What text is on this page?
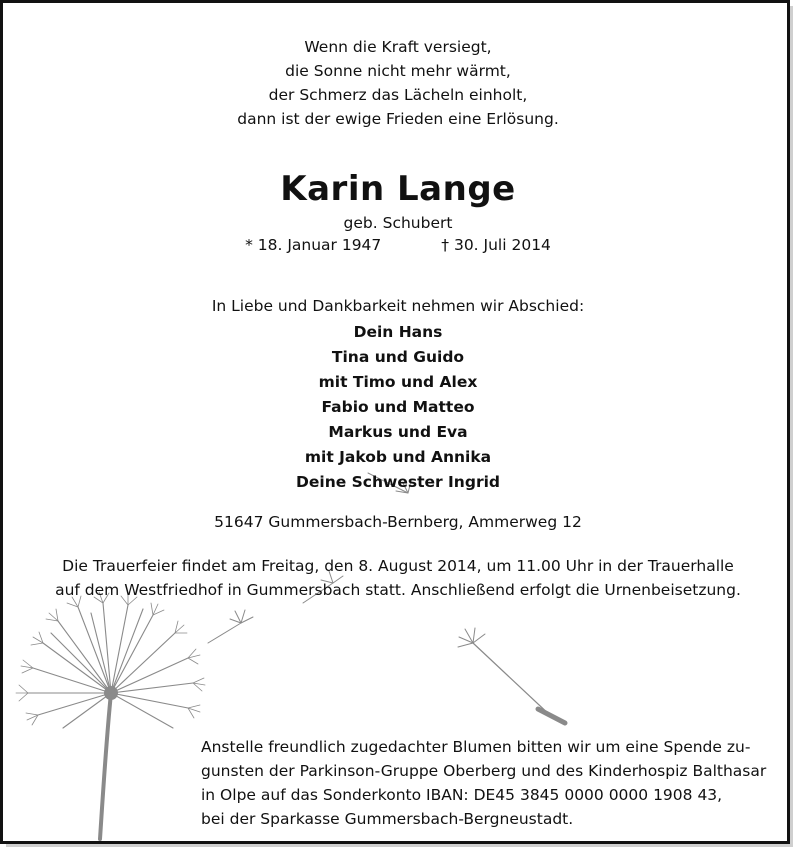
Wenn die Kraft versiegt,
die Sonne nicht mehr wärmt,
der Schmerz das Lächeln einholt,
dann ist der ewige Frieden eine Erlösung.
Karin Lange
geb. Schubert
* 18. Januar 1947	† 30. Juli 2014
In Liebe und Dankbarkeit nehmen wir Abschied:
Dein Hans
Tina und Guido
mit Timo und Alex
Fabio und Matteo
Markus und Eva
mit Jakob und Annika
Deine Schwester Ingrid
51647 Gummersbach-Bernberg, Ammerweg 12
Die Trauerfeier findet am Freitag, den 8. August 2014, um 11.00 Uhr in der Trauerhalle
auf dem Westfriedhof in Gummersbach statt. Anschließend erfolgt die Urnenbeisetzung.
Anstelle freundlich zugedachter Blumen bitten wir um eine Spende zu-
gunsten der Parkinson-Gruppe Oberberg und des Kinderhospiz Balthasar
in Olpe auf das Sonderkonto IBAN: DE45 3845 0000 0000 1908 43,
bei der Sparkasse Gummersbach-Bergneustadt.
